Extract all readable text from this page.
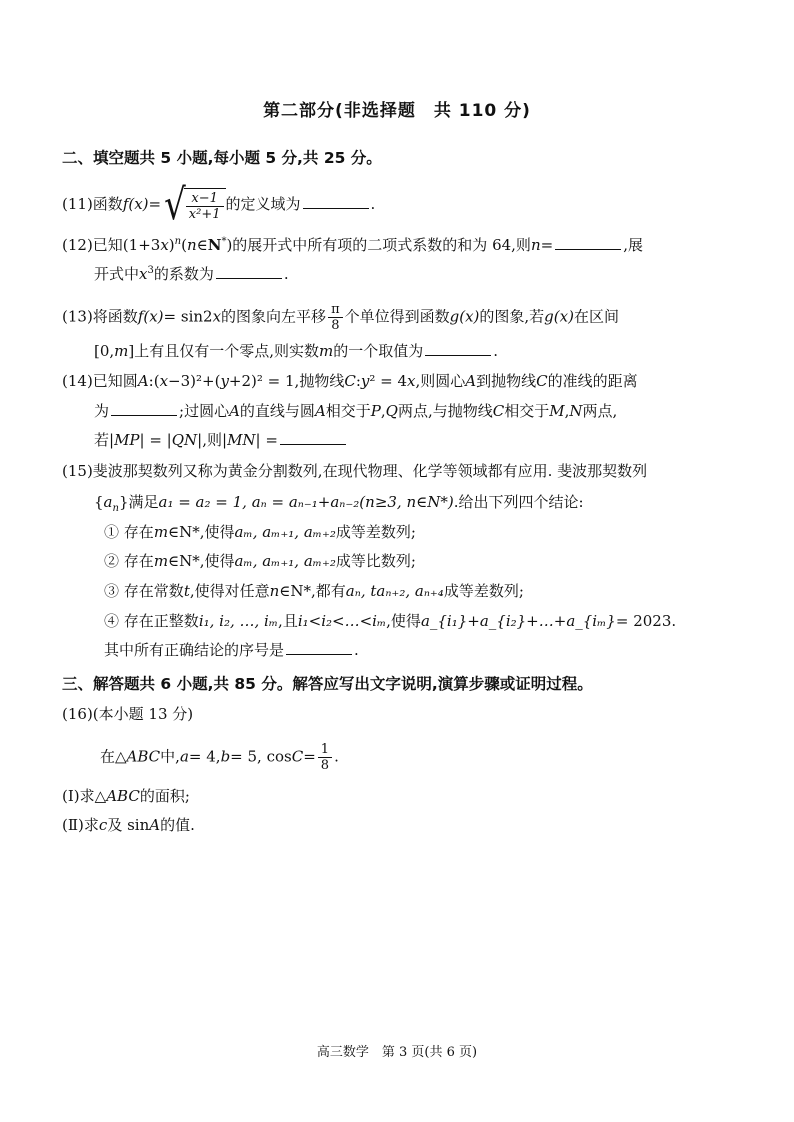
第二部分(非选择题　共 110 分)
二、填空题共 5 小题,每小题 5 分,共 25 分。
(11)函数$f(x)=√ \frac{x-1}{\text{x²+1}}$ 的定义域为	.
(12)已知$(1+3x)^n(n\in N^*)$的展开式中所有项的二项式系数的和为 64,则n=	,展
开式中$x^3$的系数为	.
(13)将函数f(x)= sin2x的图象向左平移 $\frac{\pi}{8}$ 个单位得到函数g(x)的图象,若g(x)在区间
[0,m]上有且仅有一个零点,则实数m的一个取值为	.
(14)已知圆A:(x−3)²+(y+2)² = 1,抛物线C:y² = 4x,则圆心A到抛物线C的准线的距离
为	;过圆心A的直线与圆A相交于P,Q两点,与抛物线C相交于M,N两点,
若|MP| = |QN|,则|MN| =
(15)斐波那契数列又称为黄金分割数列,在现代物理、化学等领域都有应用. 斐波那契数列
$\{a_n\}$满足a₁ = a₂ = 1, aₙ = aₙ₋₁+aₙ₋₂(n≥3, n∈N*).给出下列四个结论:
① 存在m∈N*,使得aₘ, aₘ₊₁, aₘ₊₂成等差数列;
② 存在m∈N*,使得aₘ, aₘ₊₁, aₘ₊₂成等比数列;
③ 存在常数t,使得对任意n∈N*,都有aₙ, taₙ₊₂, aₙ₊₄成等差数列;
④ 存在正整数i₁, i₂, …, iₘ,且i₁<i₂<…<iₘ,使得a_{i₁}+a_{i₂}+…+a_{iₘ}= 2023.
其中所有正确结论的序号是	.
三、解答题共 6 小题,共 85 分。解答应写出文字说明,演算步骤或证明过程。
(16)(本小题 13 分)
在△ABC中,a= 4,b= 5, $\cos C= \frac{1}{8}$ .
(Ⅰ)求△ABC的面积;
(Ⅱ)求c及 sinA的值.
高三数学　第 3 页(共 6 页)
